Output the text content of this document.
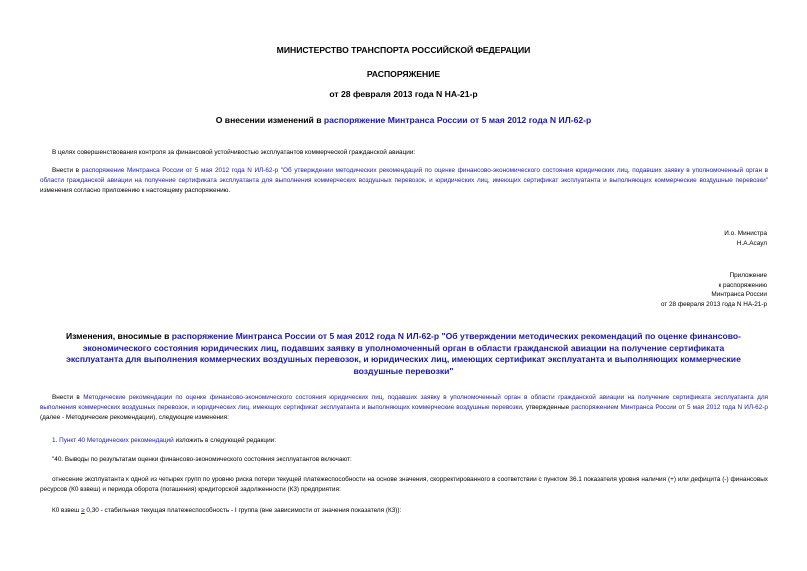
МИНИСТЕРСТВО ТРАНСПОРТА РОССИЙСКОЙ ФЕДЕРАЦИИ
РАСПОРЯЖЕНИЕ
от 28 февраля 2013 года N НА-21-р
О внесении изменений в распоряжение Минтранса России от 5 мая 2012 года N ИЛ-62-р
В целях совершенствования контроля за финансовой устойчивостью эксплуатантов коммерческой гражданской авиации:
Внести в распоряжение Минтранса России от 5 мая 2012 года N ИЛ-62-р "Об утверждении методических рекомендаций по оценке финансово-экономического состояния юридических лиц, подавших заявку в уполномоченный орган в области гражданской авиации на получение сертификата эксплуатанта для выполнения коммерческих воздушных перевозок, и юридических лиц, имеющих сертификат эксплуатанта и выполняющих коммерческие воздушные перевозки" изменения согласно приложению к настоящему распоряжению.
И.о. Министра
Н.А.Асаул
Приложение
к распоряжению
Минтранса России
от 28 февраля 2013 года N НА-21-р
Изменения, вносимые в распоряжение Минтранса России от 5 мая 2012 года N ИЛ-62-р "Об утверждении методических рекомендаций по оценке финансово-экономического состояния юридических лиц, подавших заявку в уполномоченный орган в области гражданской авиации на получение сертификата эксплуатанта для выполнения коммерческих воздушных перевозок, и юридических лиц, имеющих сертификат эксплуатанта и выполняющих коммерческие воздушные перевозки"
Внести в Методические рекомендации по оценке финансово-экономического состояния юридических лиц, подавших заявку в уполномоченный орган в области гражданской авиации на получение сертификата эксплуатанта для выполнения коммерческих воздушных перевозок, и юридических лиц, имеющих сертификат эксплуатанта и выполняющих коммерческие воздушные перевозки, утвержденные распоряжением Минтранса России от 5 мая 2012 года N ИЛ-62-р (далее - Методические рекомендации), следующие изменения:
1. Пункт 40 Методических рекомендаций изложить в следующей редакции:
"40. Выводы по результатам оценки финансово-экономического состояния эксплуатантов включают:
отнесение эксплуатанта к одной из четырех групп по уровню риска потери текущей платежеспособности на основе значения, скорректированного в соответствии с пунктом 36.1 показателя уровня наличия (+) или дефицита (-) финансовых ресурсов (К0 взвеш) и периода оборота (погашения) кредиторской задолженности (К3) предприятия:
К0 взвеш ≥ 0,30 - стабильная текущая платежеспособность - I группа (вне зависимости от значения показателя (К3)):
